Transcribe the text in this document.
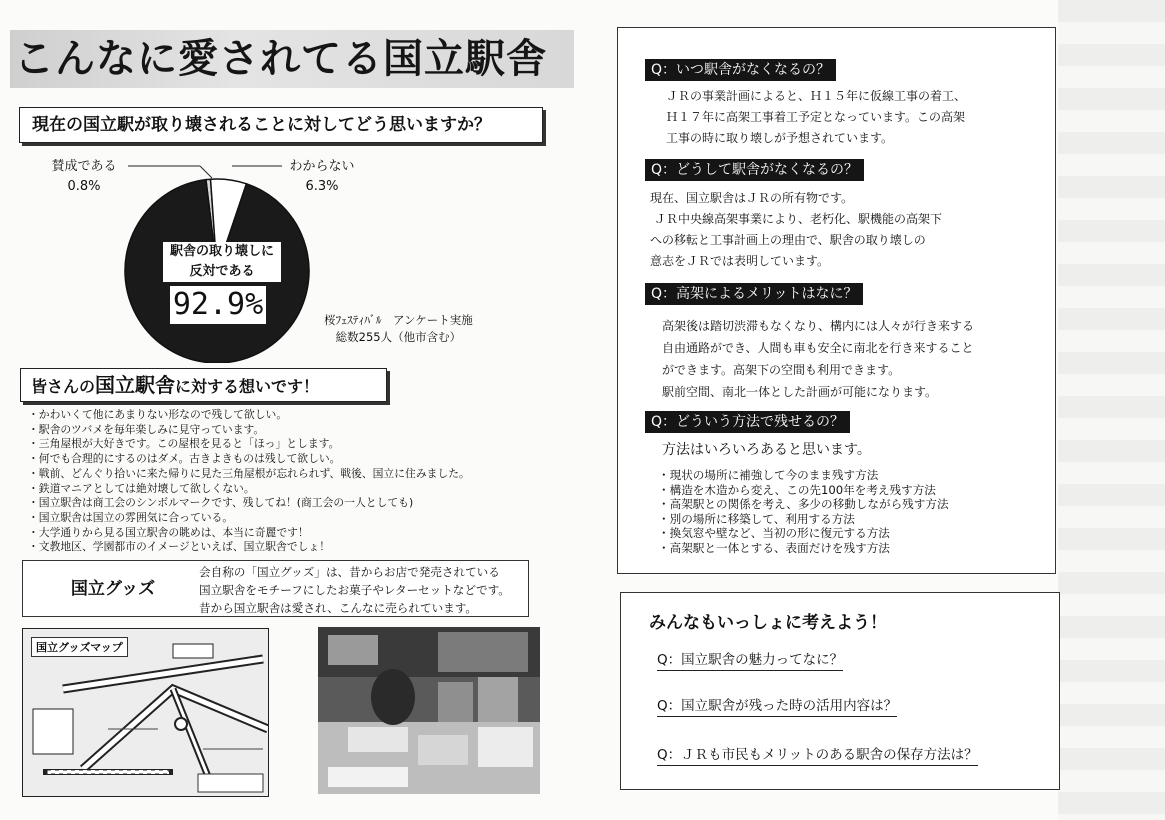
こんなに愛されてる国立駅舎
現在の国立駅が取り壊されることに対してどう思いますか？
賛成である
0.8%
わからない
6.3%
駅舎の取り壊しに
反対である
92.9%	桜ﾌｪｽﾃｨﾊﾞﾙ　アンケート実施
総数255人（他市含む）
皆さんの国立駅舎に対する想いです！
・ かわいくて他にあまりない形なので残して欲しい。
・ 駅舎のツバメを毎年楽しみに見守っています。
・ 三角屋根が大好きです。この屋根を見ると「ほっ」とします。
・ 何でも合理的にするのはダメ。古きよきものは残して欲しい。
・ 戦前、どんぐり拾いに来た帰りに見た三角屋根が忘れられず、戦後、国立に住みました。
・ 鉄道マニアとしては絶対壊して欲しくない。
・ 国立駅舎は商工会のシンボルマークです、残してね！(商工会の一人としても)
・ 国立駅舎は国立の雰囲気に合っている。
・ 大学通りから見る国立駅舎の眺めは、本当に奇麗です！
・ 文教地区、学園都市のイメージといえば、国立駅舎でしょ！
国立グッズ
会自称の「国立グッズ」は、昔からお店で発売されている
国立駅舎をモチーフにしたお菓子やレターセットなどです。
昔から国立駅舎は愛され、こんなに売られています。
国立グッズマップ
Q：いつ駅舎がなくなるの？
ＪＲの事業計画によると、Ｈ１５年に仮線工事の着工、
Ｈ１７年に高架工事着工予定となっています。この高架
工事の時に取り壊しが予想されています。
Q：どうして駅舎がなくなるの？
現在、国立駅舎はＪＲの所有物です。
ＪＲ中央線高架事業により、老朽化、駅機能の高架下
への移転と工事計画上の理由で、駅舎の取り壊しの
意志をＪＲでは表明しています。
Q：高架によるメリットはなに？
高架後は踏切渋滞もなくなり、構内には人々が行き来する
自由通路ができ、人間も車も安全に南北を行き来すること
ができます。高架下の空間も利用できます。
駅前空間、南北一体とした計画が可能になります。
Q：どういう方法で残せるの？
方法はいろいろあると思います。
・ 現状の場所に補強して今のまま残す方法
・ 構造を木造から変え、この先100年を考え残す方法
・ 高架駅との関係を考え、多少の移動しながら残す方法
・ 別の場所に移築して、利用する方法
・ 換気窓や壁など、当初の形に復元する方法
・ 高架駅と一体とする、表面だけを残す方法
みんなもいっしょに考えよう！
Q：国立駅舎の魅力ってなに？
Q：国立駅舎が残った時の活用内容は？
Q：ＪＲも市民もメリットのある駅舎の保存方法は？
